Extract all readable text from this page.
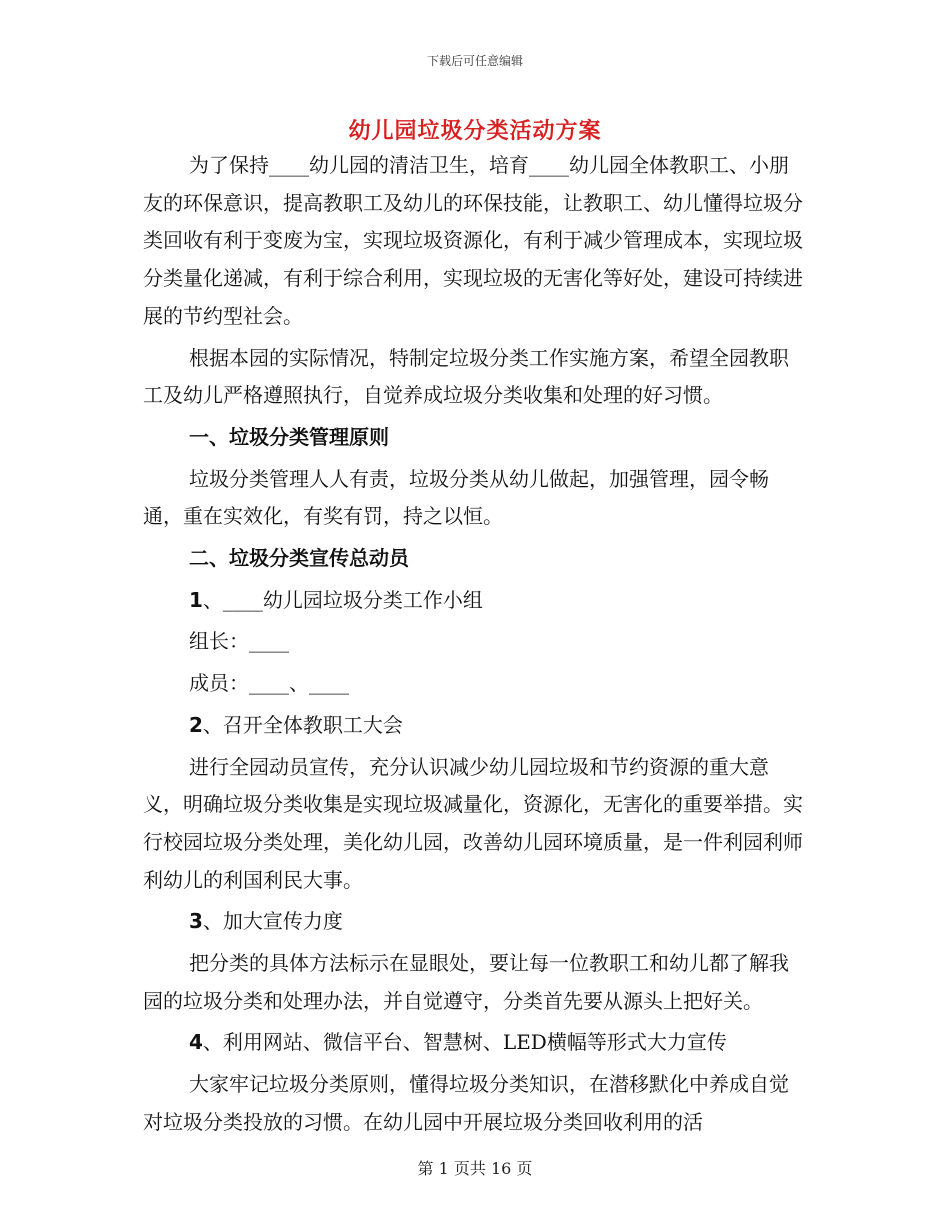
下载后可任意编辑
幼儿园垃圾分类活动方案

为了保持____幼儿园的清洁卫生，培育____幼儿园全体教职工、小朋友的环保意识，提高教职工及幼儿的环保技能，让教职工、幼儿懂得垃圾分类回收有利于变废为宝，实现垃圾资源化，有利于减少管理成本，实现垃圾分类量化递减，有利于综合利用，实现垃圾的无害化等好处，建设可持续进展的节约型社会。

根据本园的实际情况，特制定垃圾分类工作实施方案，希望全园教职工及幼儿严格遵照执行，自觉养成垃圾分类收集和处理的好习惯。

一、垃圾分类管理原则

垃圾分类管理人人有责，垃圾分类从幼儿做起，加强管理，园令畅通，重在实效化，有奖有罚，持之以恒。

二、垃圾分类宣传总动员

1、____幼儿园垃圾分类工作小组

组长：____

成员：____、____

2、召开全体教职工大会

进行全园动员宣传，充分认识减少幼儿园垃圾和节约资源的重大意义，明确垃圾分类收集是实现垃圾减量化，资源化，无害化的重要举措。实行校园垃圾分类处理，美化幼儿园，改善幼儿园环境质量，是一件利园利师利幼儿的利国利民大事。

3、加大宣传力度

把分类的具体方法标示在显眼处，要让每一位教职工和幼儿都了解我园的垃圾分类和处理办法，并自觉遵守，分类首先要从源头上把好关。

4、利用网站、微信平台、智慧树、LED横幅等形式大力宣传

大家牢记垃圾分类原则，懂得垃圾分类知识，在潜移默化中养成自觉对垃圾分类投放的习惯。在幼儿园中开展垃圾分类回收利用的活

第 1 页共 16 页
